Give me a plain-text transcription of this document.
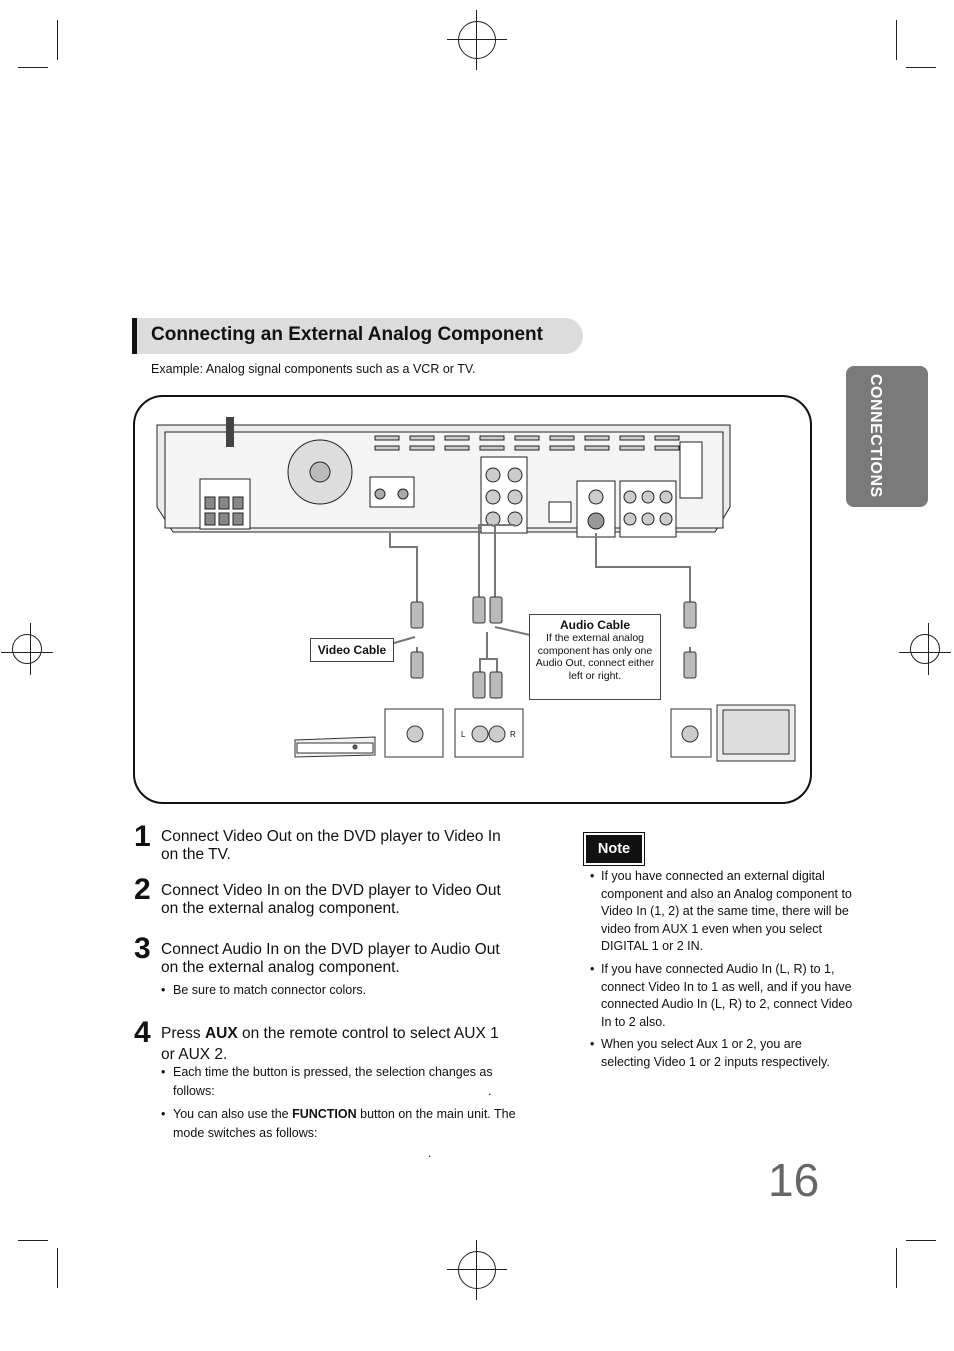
Connecting an External Analog Component
Example: Analog signal components such as a VCR or TV.
CONNECTIONS
L	R
Video Cable
Audio Cable
If the external analog component has only one Audio Out, connect either left or right.
1 Connect Video Out on the DVD player to Video In on the TV.
2 Connect Video In on the DVD player to Video Out on the external analog component.
3 Connect Audio In on the DVD player to Audio Out on the external analog component.
• Be sure to match connector colors.
4 Press AUX on the remote control to select AUX 1 or AUX 2.
• Each time the button is pressed, the selection changes as follows:	.
• You can also use the FUNCTION button on the main unit. The mode switches as follows:
.
Note
• If you have connected an external digital component and also an Analog component to Video In (1, 2) at the same time, there will be video from AUX 1 even when you select DIGITAL 1 or 2 IN.
• If you have connected Audio In (L, R) to 1, connect Video In to 1 as well, and if you have connected Audio In (L, R) to 2, connect Video In to 2 also.
• When you select Aux 1 or 2, you are selecting Video 1 or 2 inputs respectively.
16
